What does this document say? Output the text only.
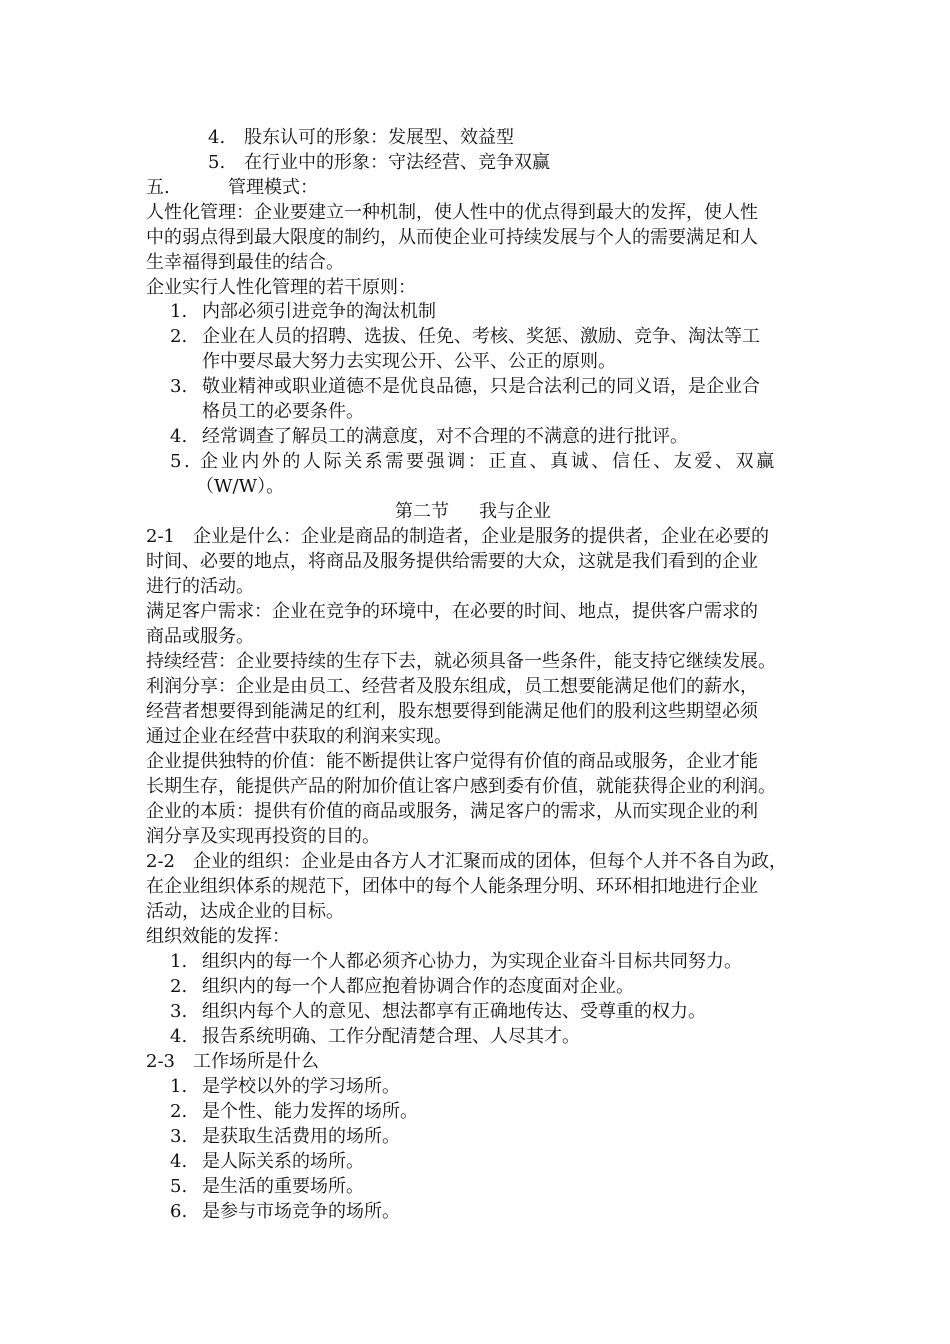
4. 股东认可的形象：发展型、效益型
5. 在行业中的形象：守法经营、竞争双赢
五.	管理模式：
人性化管理：企业要建立一种机制，使人性中的优点得到最大的发挥，使人性
中的弱点得到最大限度的制约，从而使企业可持续发展与个人的需要满足和人
生幸福得到最佳的结合。
企业实行人性化管理的若干原则：
1. 内部必须引进竞争的淘汰机制
2. 企业在人员的招聘、选拔、任免、考核、奖惩、激励、竞争、淘汰等工
作中要尽最大努力去实现公开、公平、公正的原则。
3. 敬业精神或职业道德不是优良品德，只是合法利己的同义语，是企业合
格员工的必要条件。
4. 经常调查了解员工的满意度，对不合理的不满意的进行批评。
5. 企业内外的人际关系需要强调：正直、真诚、信任、友爱、双赢
（W/W）。
第二节 我与企业
2-1　企业是什么：企业是商品的制造者，企业是服务的提供者，企业在必要的
时间、必要的地点，将商品及服务提供给需要的大众，这就是我们看到的企业
进行的活动。
满足客户需求：企业在竞争的环境中，在必要的时间、地点，提供客户需求的
商品或服务。
持续经营：企业要持续的生存下去，就必须具备一些条件，能支持它继续发展。
利润分享：企业是由员工、经营者及股东组成，员工想要能满足他们的薪水，
经营者想要得到能满足的红利，股东想要得到能满足他们的股利这些期望必须
通过企业在经营中获取的利润来实现。
企业提供独特的价值：能不断提供让客户觉得有价值的商品或服务，企业才能
长期生存，能提供产品的附加价值让客户感到委有价值，就能获得企业的利润。
企业的本质：提供有价值的商品或服务，满足客户的需求，从而实现企业的利
润分享及实现再投资的目的。
2-2　企业的组织：企业是由各方人才汇聚而成的团体，但每个人并不各自为政，
在企业组织体系的规范下，团体中的每个人能条理分明、环环相扣地进行企业
活动，达成企业的目标。
组织效能的发挥：
1. 组织内的每一个人都必须齐心协力，为实现企业奋斗目标共同努力。
2. 组织内的每一个人都应抱着协调合作的态度面对企业。
3. 组织内每个人的意见、想法都享有正确地传达、受尊重的权力。
4. 报告系统明确、工作分配清楚合理、人尽其才。
2-3　工作场所是什么
1. 是学校以外的学习场所。
2. 是个性、能力发挥的场所。
3. 是获取生活费用的场所。
4. 是人际关系的场所。
5. 是生活的重要场所。
6. 是参与市场竞争的场所。
